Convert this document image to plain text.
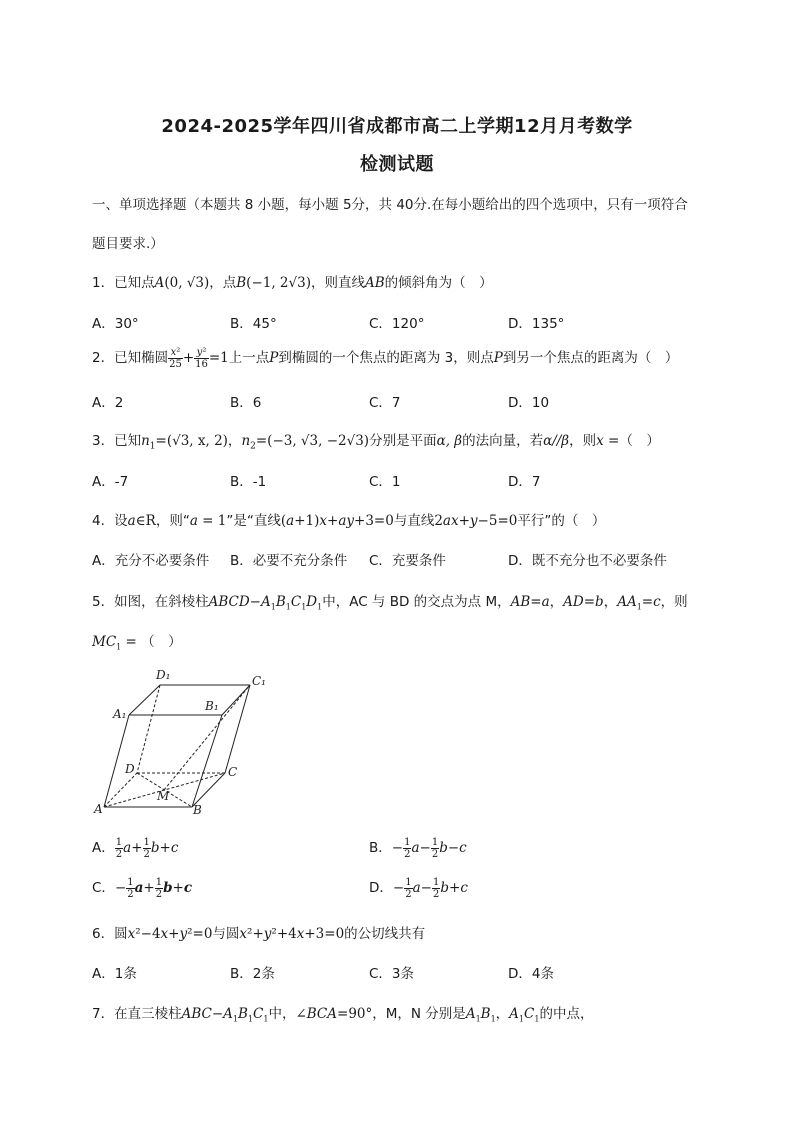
2024-2025学年四川省成都市高二上学期12月月考数学
检测试题
一、单项选择题（本题共 8 小题，每小题 5分，共 40分.在每小题给出的四个选项中，只有一项符合
题目要求.）
1．已知点A(0, √3)，点B(−1, 2√3)，则直线AB的倾斜角为（　）
A．30°	B．45°	C．120°	D．135°
2．已知椭圆 $\frac{\text{x²}}{25} + \frac{\text{y²}}{16} =1$上一点P到椭圆的一个焦点的距离为 3，则点P到另一个焦点的距离为（　）
A．2	B．6	C．7	D．10
3．已知$n_1=(√3$, x, 2)，$n_2=(-3$, √3, −2√3)分别是平面α, β的法向量，若α//β，则x =（　）
A．-7	B．-1	C．1	D．7
4．设a∈R，则“a = 1”是“直线(a+1)x+ay+3=0与直线2ax+y−5=0平行”的（　）
A．充分不必要条件 B．必要不充分条件 C．充要条件	D．既不充分也不必要条件
5．如图，在斜棱柱$ABCD-A_1B_1C_1D_1$中，AC 与 BD 的交点为点 M，AB=a，AD=b，$AA_1=c$，则
$MC_1$ = （　）
D₁	C₁
A₁
B₁
D	C
M
A	B
A． $\frac{1}{2} a+ \frac{1}{2} b+c$	B．− $\frac{1}{2} a- \frac{1}{2} b-c$
C．− $\frac{1}{2} a+ \frac{1}{2} b+c$	D．− $\frac{1}{2} a- \frac{1}{2} b+c$
6．圆x²−4x+y²=0与圆x²+y²+4x+3=0的公切线共有
A．1条	B．2条	C．3条	D．4条
7．在直三棱柱$ABC-A_1B_1C_1$中，∠BCA=90°，M，N 分别是$A_1B_1$，$A_1C_1$的中点，
